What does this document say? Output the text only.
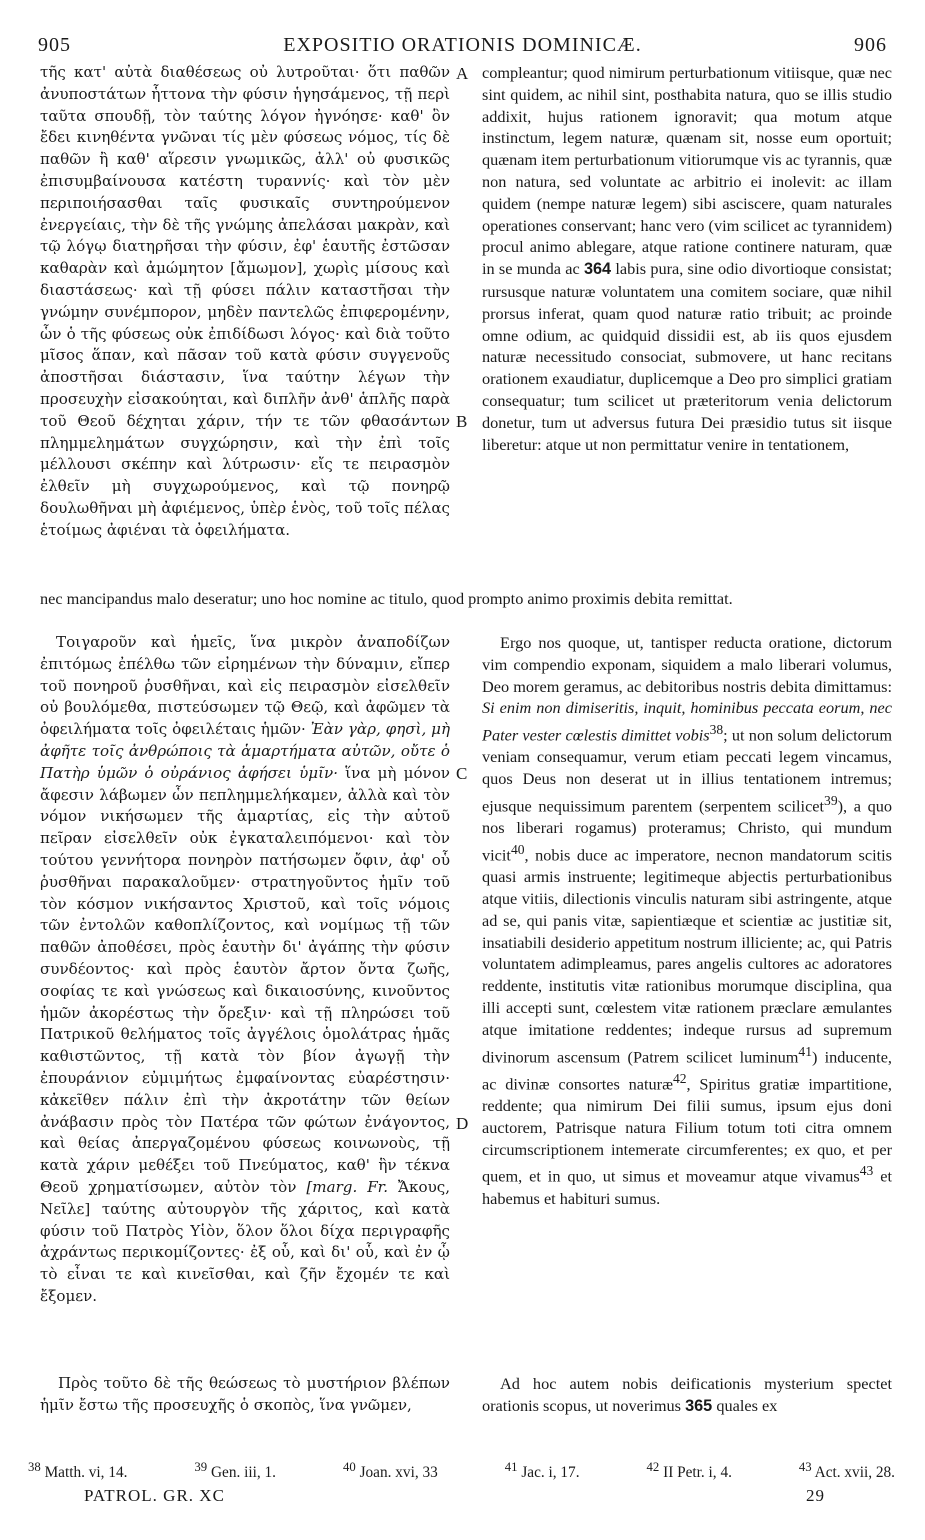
905	EXPOSITIO ORATIONIS DOMINICÆ.	906
A
B
C
D

τῆς κατ' αὐτὰ διαθέσεως οὐ λυτροῦται· ὅτι παθῶν ἀνυποστάτων ἧττονα τὴν φύσιν ἡγησάμενος, τῇ περὶ ταῦτα σπουδῇ, τὸν ταύτης λόγον ἠγνόησε· καθ' ὃν ἔδει κινηθέντα γνῶναι τίς μὲν φύσεως νόμος, τίς δὲ παθῶν ἢ καθ' αἵρεσιν γνωμικῶς, ἀλλ' οὐ φυσικῶς ἐπισυμβαίνουσα κατέστη τυραννίς· καὶ τὸν μὲν περιποιήσασθαι ταῖς φυσικαῖς συντηρούμενον ἐνεργείαις, τὴν δὲ τῆς γνώμης ἀπελάσαι μακρὰν, καὶ τῷ λόγῳ διατηρῆσαι τὴν φύσιν, ἐφ' ἑαυτῆς ἐστῶσαν καθαρὰν καὶ ἀμώμητον [ἄμωμον], χωρὶς μίσους καὶ διαστάσεως· καὶ τῇ φύσει πάλιν καταστῆσαι τὴν γνώμην συνέμπορον, μηδὲν παντελῶς ἐπιφερομένην, ὧν ὁ τῆς φύσεως οὐκ ἐπιδίδωσι λόγος· καὶ διὰ τοῦτο μῖσος ἅπαν, καὶ πᾶσαν τοῦ κατὰ φύσιν συγγενοῦς ἀποστῆσαι διάστασιν, ἵνα ταύτην λέγων τὴν προσευχὴν εἰσακούηται, καὶ διπλῆν ἀνθ' ἁπλῆς παρὰ τοῦ Θεοῦ δέχηται χάριν, τήν τε τῶν φθασάντων πλημμελημάτων συγχώρησιν, καὶ τὴν ἐπὶ τοῖς μέλλουσι σκέπην καὶ λύτρωσιν· εἴς τε πειρασμὸν ἐλθεῖν μὴ συγχωρούμενος, καὶ τῷ πονηρῷ δουλωθῆναι μὴ ἀφιέμενος, ὑπὲρ ἑνὸς, τοῦ τοῖς πέλας ἑτοίμως ἀφιέναι τὰ ὀφειλήματα.

compleantur; quod nimirum perturbationum vitiisque, quæ nec sint quidem, ac nihil sint, posthabita natura, quo se illis studio addixit, hujus rationem ignoravit; qua motum atque instinctum, legem naturæ, quænam sit, nosse eum oportuit; quænam item perturbationum vitiorumque vis ac tyrannis, quæ non natura, sed voluntate ac arbitrio ei inolevit: ac illam quidem (nempe naturæ legem) sibi asciscere, quam naturales operationes conservant; hanc vero (vim scilicet ac tyrannidem) procul animo ablegare, atque ratione continere naturam, quæ in se munda ac 364 labis pura, sine odio divortioque consistat; rursusque naturæ voluntatem una comitem sociare, quæ nihil prorsus inferat, quam quod naturæ ratio tribuit; ac proinde omne odium, ac quidquid dissidii est, ab iis quos ejusdem naturæ necessitudo consociat, submovere, ut hanc recitans orationem exaudiatur, duplicemque a Deo pro simplici gratiam consequatur; tum scilicet ut præteritorum venia delictorum donetur, tum ut adversus futura Dei præsidio tutus sit iisque liberetur: atque ut non permittatur venire in tentationem,

nec mancipandus malo deseratur; uno hoc nomine ac titulo, quod prompto animo proximis debita remittat.

Τοιγαροῦν καὶ ἡμεῖς, ἵνα μικρὸν ἀναποδίζων ἐπιτόμως ἐπέλθω τῶν εἰρημένων τὴν δύναμιν, εἴπερ τοῦ πονηροῦ ῥυσθῆναι, καὶ εἰς πειρασμὸν εἰσελθεῖν οὐ βουλόμεθα, πιστεύσωμεν τῷ Θεῷ, καὶ ἀφῶμεν τὰ ὀφειλήματα τοῖς ὀφειλέταις ἡμῶν· Ἐὰν γὰρ, φησὶ, μὴ ἀφῆτε τοῖς ἀνθρώποις τὰ ἁμαρτήματα αὐτῶν, οὔτε ὁ Πατὴρ ὑμῶν ὁ οὐράνιος ἀφήσει ὑμῖν· ἵνα μὴ μόνον ἄφεσιν λάβωμεν ὧν πεπλημμελήκαμεν, ἀλλὰ καὶ τὸν νόμον νικήσωμεν τῆς ἁμαρτίας, εἰς τὴν αὐτοῦ πεῖραν εἰσελθεῖν οὐκ ἐγκαταλειπόμενοι· καὶ τὸν τούτου γεννήτορα πονηρὸν πατήσωμεν ὄφιν, ἀφ' οὗ ῥυσθῆναι παρακαλοῦμεν· στρατηγοῦντος ἡμῖν τοῦ τὸν κόσμον νικήσαντος Χριστοῦ, καὶ τοῖς νόμοις τῶν ἐντολῶν καθοπλίζοντος, καὶ νομίμως τῇ τῶν παθῶν ἀποθέσει, πρὸς ἑαυτὴν δι' ἀγάπης τὴν φύσιν συνδέοντος· καὶ πρὸς ἑαυτὸν ἄρτον ὄντα ζωῆς, σοφίας τε καὶ γνώσεως καὶ δικαιοσύνης, κινοῦντος ἡμῶν ἀκορέστως τὴν ὄρεξιν· καὶ τῇ πληρώσει τοῦ Πατρικοῦ θελήματος τοῖς ἀγγέλοις ὁμολάτρας ἡμᾶς καθιστῶντος, τῇ κατὰ τὸν βίον ἀγωγῇ τὴν ἐπουράνιον εὐμιμήτως ἐμφαίνοντας εὐαρέστησιν· κἀκεῖθεν πάλιν ἐπὶ τὴν ἀκροτάτην τῶν θείων ἀνάβασιν πρὸς τὸν Πατέρα τῶν φώτων ἐνάγοντος, καὶ θείας ἀπεργαζομένου φύσεως κοινωνοὺς, τῇ κατὰ χάριν μεθέξει τοῦ Πνεύματος, καθ' ἣν τέκνα Θεοῦ χρηματίσωμεν, αὐτὸν τὸν [marg. Fr. Ἄκους, Νεῖλε] ταύτης αὐτουργὸν τῆς χάριτος, καὶ κατὰ φύσιν τοῦ Πατρὸς Υἱὸν, ὅλον ὅλοι δίχα περιγραφῆς ἀχράντως περικομίζοντες· ἐξ οὗ, καὶ δι' οὗ, καὶ ἐν ᾧ τὸ εἶναι τε καὶ κινεῖσθαι, καὶ ζῆν ἔχομέν τε καὶ ἔξομεν.

Ergo nos quoque, ut, tantisper reducta oratione, dictorum vim compendio exponam, siquidem a malo liberari volumus, Deo morem geramus, ac debitoribus nostris debita dimittamus: Si enim non dimiseritis, inquit, hominibus peccata eorum, nec Pater vester cœlestis dimittet vobis$^{38}$; ut non solum delictorum veniam consequamur, verum etiam peccati legem vincamus, quos Deus non deserat ut in illius tentationem intremus; ejusque nequissimum parentem (serpentem scilicet$^{39}$), a quo nos liberari rogamus) proteramus; Christo, qui mundum vicit$^{40}$, nobis duce ac imperatore, necnon mandatorum scitis quasi armis instruente; legitimeque abjectis perturbationibus atque vitiis, dilectionis vinculis naturam sibi astringente, atque ad se, qui panis vitæ, sapientiæque et scientiæ ac justitiæ sit, insatiabili desiderio appetitum nostrum illiciente; ac, qui Patris voluntatem adimpleamus, pares angelis cultores ac adoratores reddente, institutis vitæ rationibus morumque disciplina, qua illi accepti sunt, cœlestem vitæ rationem præclare æmulantes atque imitatione reddentes; indeque rursus ad supremum divinorum ascensum (Patrem scilicet luminum$^{41}$) inducente, ac divinæ consortes naturæ$^{42}$, Spiritus gratiæ impartitione, reddente; qua nimirum Dei filii sumus, ipsum ejus doni auctorem, Patrisque natura Filium totum toti citra omnem circumscriptionem intemerate circumferentes; ex quo, et per quem, et in quo, ut simus et moveamur atque vivamus$^{43}$ et habemus et habituri sumus.

Πρὸς τοῦτο δὲ τῆς θεώσεως τὸ μυστήριον βλέπων ἡμῖν ἔστω τῆς προσευχῆς ὁ σκοπὸς, ἵνα γνῶμεν,

Ad hoc autem nobis deificationis mysterium spectet orationis scopus, ut noverimus 365 quales ex

$^{38}$ Matth. vi, 14.	$^{39}$ Gen. iii, 1.	$^{40}$ Joan. xvi, 33	$^{41}$ Jac. i, 17.	$^{42}$ II Petr. i, 4.	$^{43}$ Act. xvii, 28.
PATROL. GR. XC	29
